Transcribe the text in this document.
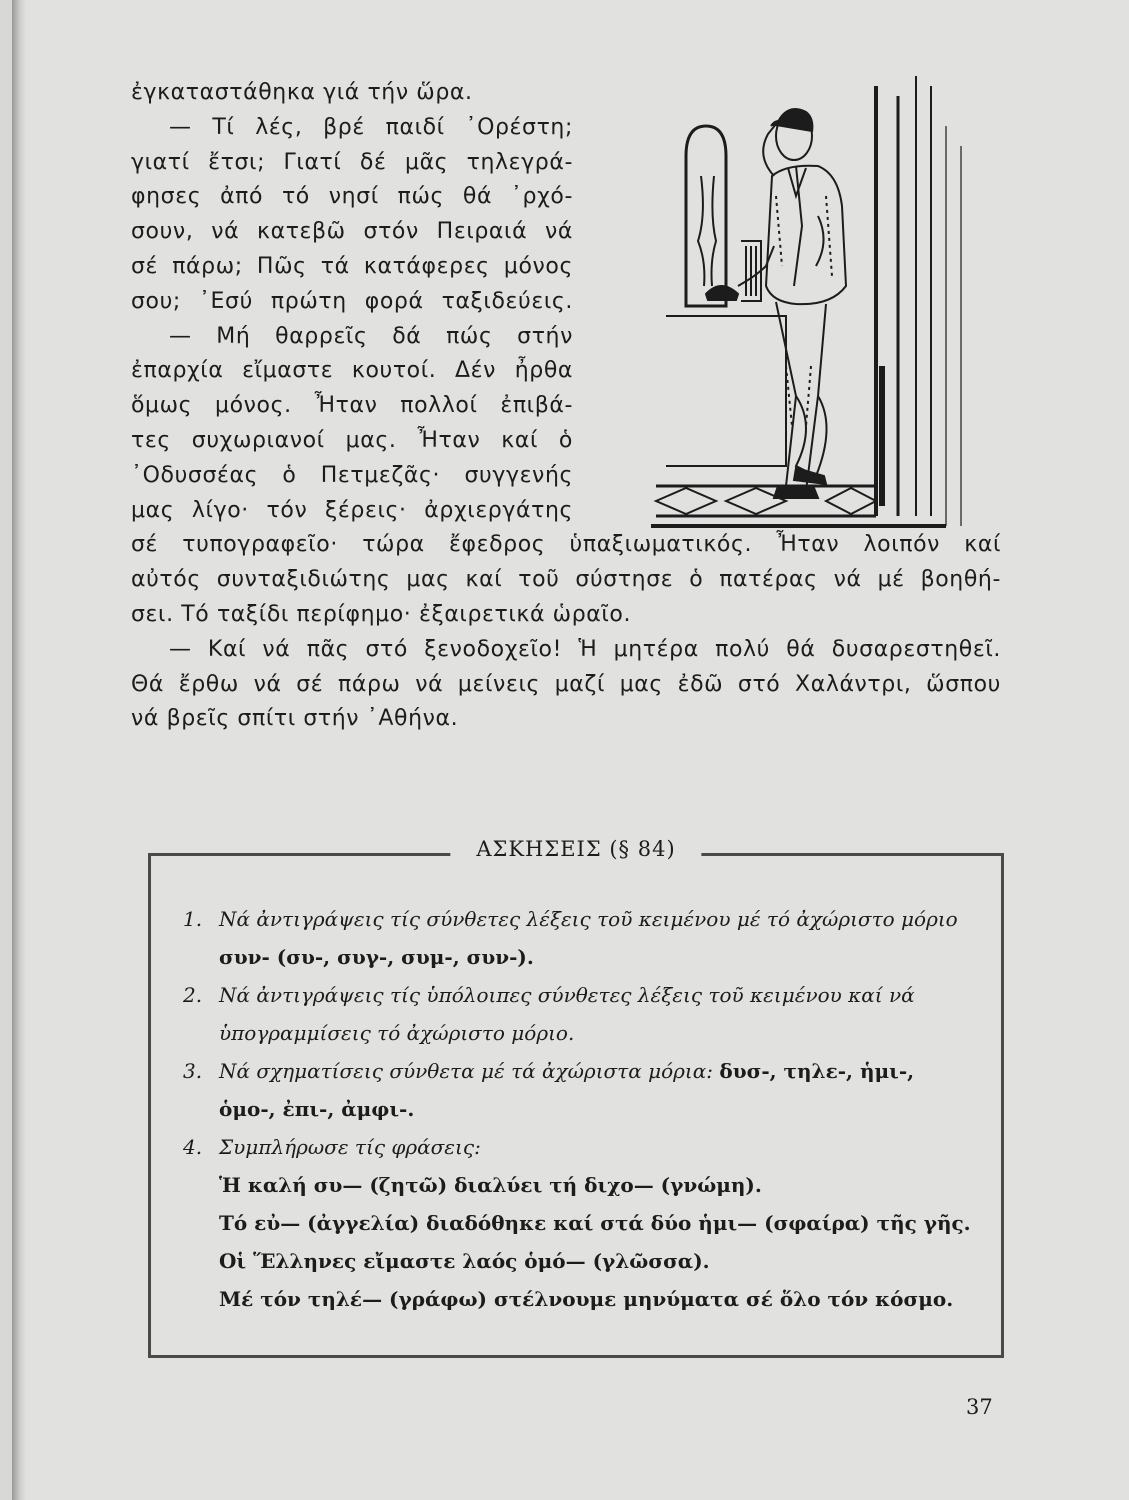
ἐγκαταστάθηκα γιά τήν ὥρα.
— Τί λές, βρέ παιδί ᾿Ορέστη;
γιατί ἔτσι; Γιατί δέ μᾶς τηλεγρά-
φησες ἀπό τό νησί πώς θά ᾿ρχό-
σουν, νά κατεβῶ στόν Πειραιά νά
σέ πάρω; Πῶς τά κατάφερες μόνος
σου; ᾿Εσύ πρώτη φορά ταξιδεύεις.
— Μή θαρρεῖς δά πώς στήν
ἐπαρχία εἴμαστε κουτοί. Δέν ἦρθα
ὅμως μόνος. Ἦταν πολλοί ἐπιβά-
τες συχωριανοί μας. Ἦταν καί ὁ
᾿Οδυσσέας ὁ Πετμεζᾶς· συγγενής
μας λίγο· τόν ξέρεις· ἀρχιεργάτης
σέ τυπογραφεῖο· τώρα ἔφεδρος ὑπαξιωματικός. Ἦταν λοιπόν καί
αὐτός συνταξιδιώτης μας καί τοῦ σύστησε ὁ πατέρας νά μέ βοηθή-
σει. Τό ταξίδι περίφημο· ἐξαιρετικά ὡραῖο.
— Καί νά πᾶς στό ξενοδοχεῖο! Ἡ μητέρα πολύ θά δυσαρεστηθεῖ.
Θά ἔρθω νά σέ πάρω νά μείνεις μαζί μας ἐδῶ στό Χαλάντρι, ὥσπου
νά βρεῖς σπίτι στήν ᾿Αθήνα.
ΑΣΚΗΣΕΙΣ (§ 84)
1. Νά ἀντιγράψεις τίς σύνθετες λέξεις τοῦ κειμένου μέ τό ἀχώριστο μόριο συν- (συ-, συγ-, συμ-, συν-).
2. Νά ἀντιγράψεις τίς ὑπόλοιπες σύνθετες λέξεις τοῦ κειμένου καί νά ὑπογραμμίσεις τό ἀχώριστο μόριο.
3. Νά σχηματίσεις σύνθετα μέ τά ἀχώριστα μόρια: δυσ-, τηλε-, ἡμι-, ὁμο-, ἐπι-, ἀμφι-.
4. Συμπλήρωσε τίς φράσεις:
Ἡ καλή συ— (ζητῶ) διαλύει τή διχο— (γνώμη).
Τό εὐ— (ἀγγελία) διαδόθηκε καί στά δύο ἡμι— (σφαίρα) τῆς γῆς.
Οἱ Ἕλληνες εἴμαστε λαός ὁμό— (γλῶσσα).
Μέ τόν τηλέ— (γράφω) στέλνουμε μηνύματα σέ ὅλο τόν κόσμο.
37
